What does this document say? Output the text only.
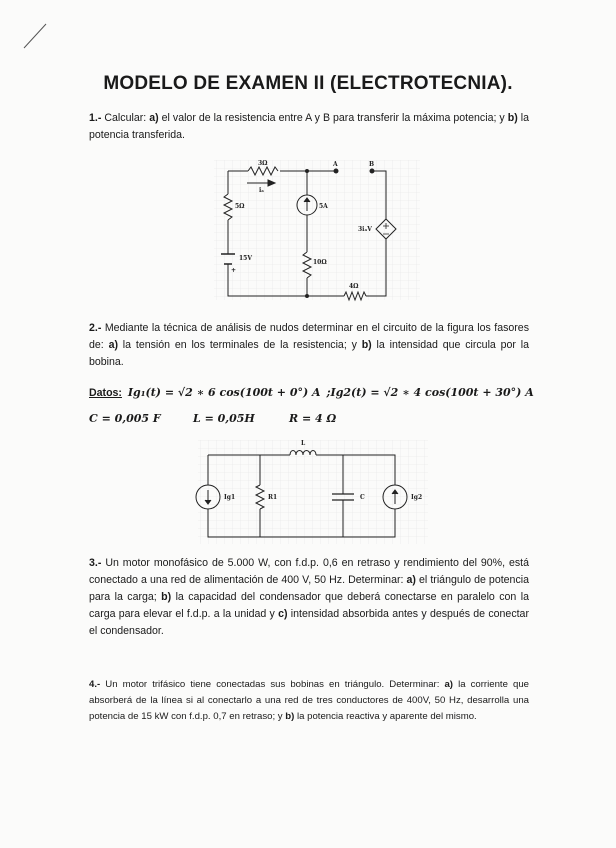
MODELO DE EXAMEN II (ELECTROTECNIA).
1.- Calcular: a) el valor de la resistencia entre A y B para transferir la máxima potencia; y b) la potencia transferida.
3Ω
5Ω	5A
10Ω
4Ω
15V
+
3iₐV
iₐ
A	B
L
R1	C
Ig1	Ig2
2.- Mediante la técnica de análisis de nudos determinar en el circuito de la figura los fasores de: a) la tensión en los terminales de la resistencia; y b) la intensidad que circula por la bobina.
Datos: Ig₁(t) = √2 ∗ 6 cos(100t + 0°) A ;Ig2(t) = √2 ∗ 4 cos(100t + 30°) A
C = 0,005 F	L = 0,05H	R = 4 Ω
3.- Un motor monofásico de 5.000 W, con f.d.p. 0,6 en retraso y rendimiento del 90%, está conectado a una red de alimentación de 400 V, 50 Hz. Determinar: a) el triángulo de potencia para la carga; b) la capacidad del condensador que deberá conectarse en paralelo con la carga para elevar el f.d.p. a la unidad y c) intensidad absorbida antes y después de conectar el condensador.
4.- Un motor trifásico tiene conectadas sus bobinas en triángulo. Determinar: a) la corriente que absorberá de la línea si al conectarlo a una red de tres conductores de 400V, 50 Hz, desarrolla una potencia de 15 kW con f.d.p. 0,7 en retraso; y b) la potencia reactiva y aparente del mismo.
